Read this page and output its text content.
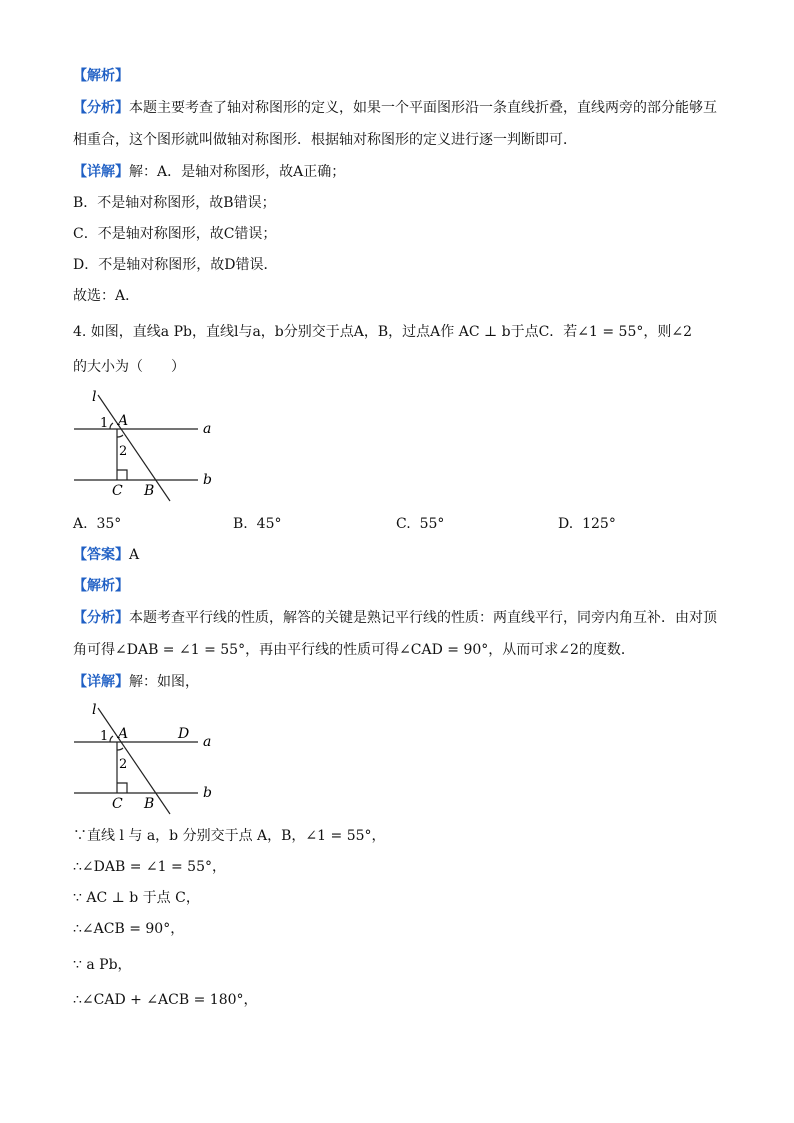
【解析】
【分析】本题主要考查了轴对称图形的定义，如果一个平面图形沿一条直线折叠，直线两旁的部分能够互
相重合，这个图形就叫做轴对称图形．根据轴对称图形的定义进行逐一判断即可．
【详解】解：A．是轴对称图形，故A正确；
B．不是轴对称图形，故B错误；
C．不是轴对称图形，故C错误；
D．不是轴对称图形，故D错误．
故选：A．
4. 如图，直线a Pb，直线l与a，b分别交于点A，B，过点A作 AC ⊥ b于点C．若∠1 = 55°，则∠2
的大小为（　　）
l
1 A	a
2
C B
b
A. 35°	B. 45°	C. 55°	D. 125°
【答案】A
【解析】
【分析】本题考查平行线的性质，解答的关键是熟记平行线的性质：两直线平行，同旁内角互补．由对顶
角可得∠DAB = ∠1 = 55°，再由平行线的性质可得∠CAD = 90°，从而可求∠2的度数．
【详解】解：如图，
l
1 A	D a
2
C B
b
∵直线 l 与 a，b 分别交于点 A，B，∠1 = 55°，
∴∠DAB = ∠1 = 55°，
∵ AC ⊥ b 于点 C，
∴∠ACB = 90°，
∵ a Pb，
∴∠CAD + ∠ACB = 180°，
